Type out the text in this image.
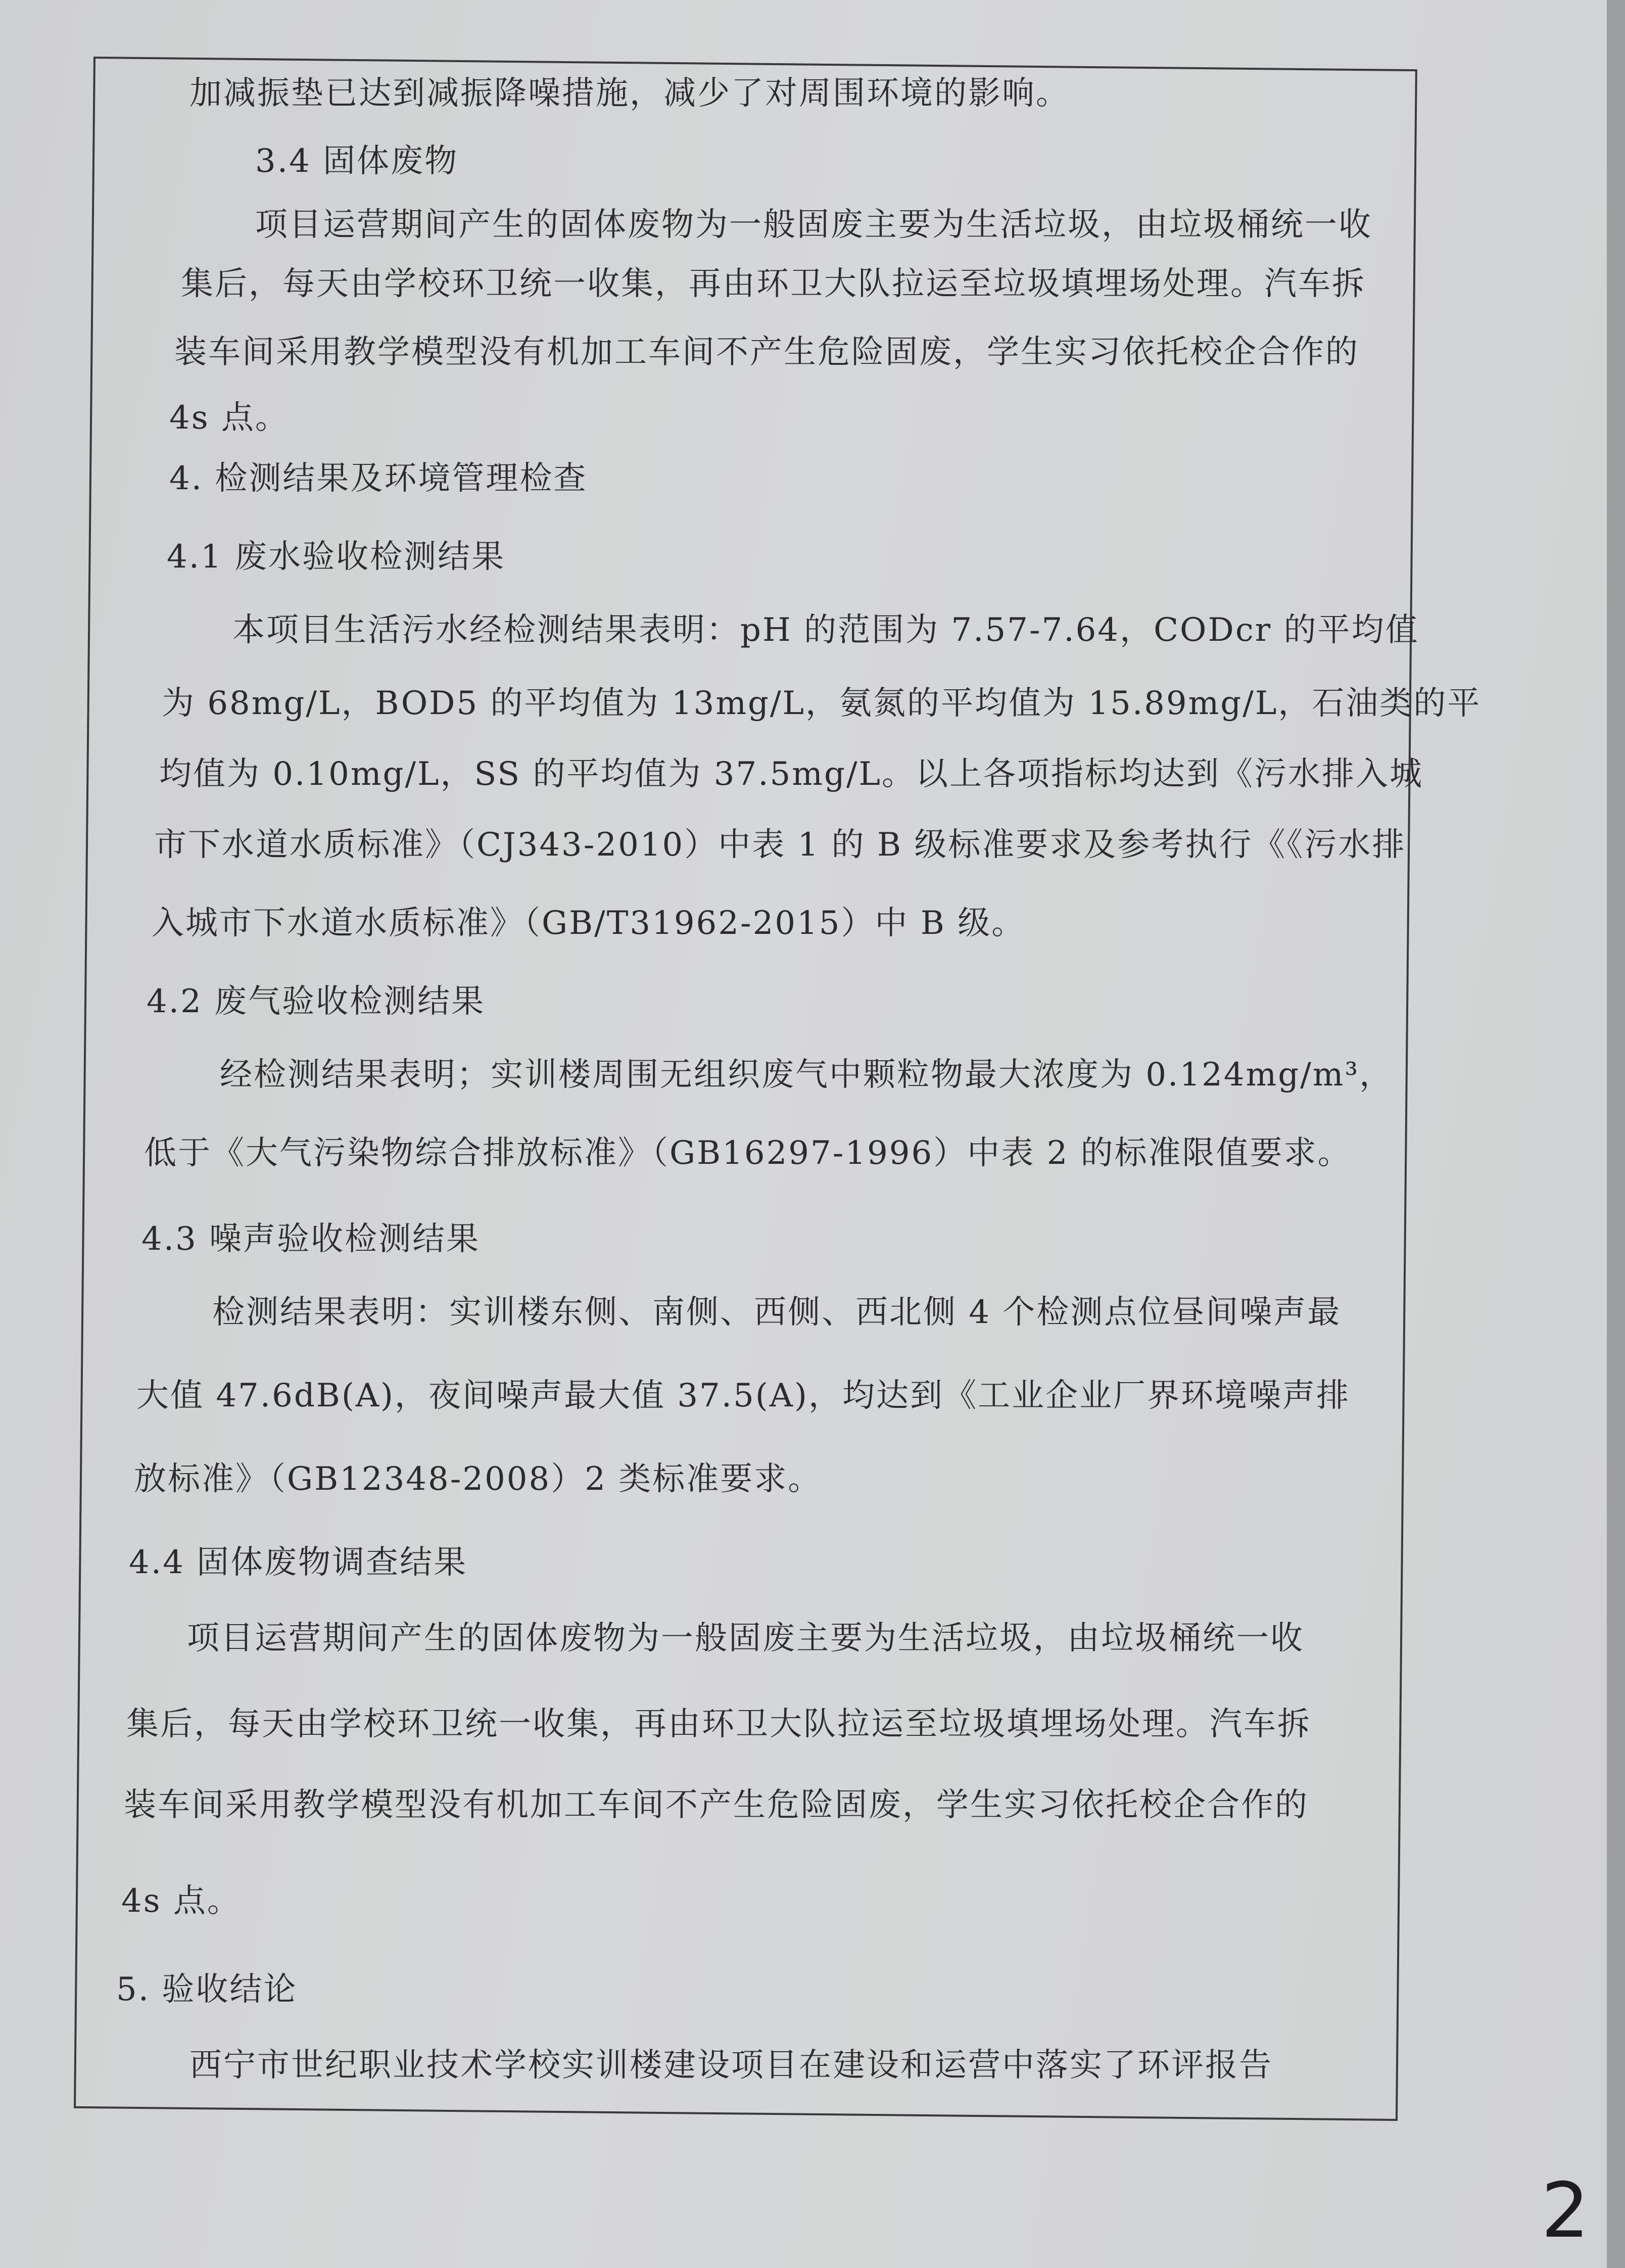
加减振垫已达到减振降噪措施，减少了对周围环境的影响。
3.4 固体废物
项目运营期间产生的固体废物为一般固废主要为生活垃圾，由垃圾桶统一收
集后，每天由学校环卫统一收集，再由环卫大队拉运至垃圾填埋场处理。汽车拆
装车间采用教学模型没有机加工车间不产生危险固废，学生实习依托校企合作的
4s 点。
4. 检测结果及环境管理检查
4.1 废水验收检测结果
本项目生活污水经检测结果表明：pH 的范围为 7.57-7.64，CODcr 的平均值
为 68mg/L，BOD5 的平均值为 13mg/L，氨氮的平均值为 15.89mg/L，石油类的平
均值为 0.10mg/L，SS 的平均值为 37.5mg/L。以上各项指标均达到《污水排入城
市下水道水质标准》（CJ343-2010）中表 1 的 B 级标准要求及参考执行《《污水排
入城市下水道水质标准》（GB/T31962-2015）中 B 级。
4.2 废气验收检测结果
经检测结果表明；实训楼周围无组织废气中颗粒物最大浓度为 0.124mg/m³，
低于《大气污染物综合排放标准》（GB16297-1996）中表 2 的标准限值要求。
4.3 噪声验收检测结果
检测结果表明：实训楼东侧、南侧、西侧、西北侧 4 个检测点位昼间噪声最
大值 47.6dB(A)，夜间噪声最大值 37.5(A)，均达到《工业企业厂界环境噪声排
放标准》（GB12348-2008）2 类标准要求。
4.4 固体废物调查结果
项目运营期间产生的固体废物为一般固废主要为生活垃圾，由垃圾桶统一收
集后，每天由学校环卫统一收集，再由环卫大队拉运至垃圾填埋场处理。汽车拆
装车间采用教学模型没有机加工车间不产生危险固废，学生实习依托校企合作的
4s 点。
5. 验收结论
西宁市世纪职业技术学校实训楼建设项目在建设和运营中落实了环评报告
2
